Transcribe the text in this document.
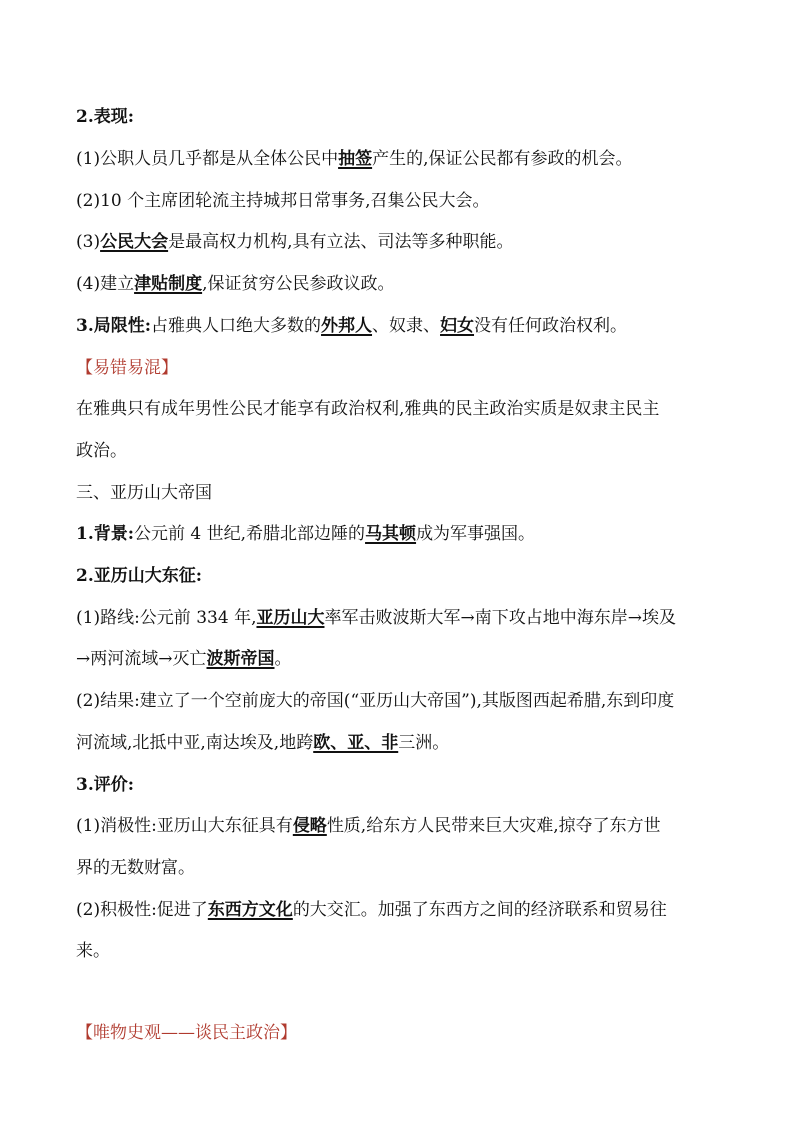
2.表现:
(1)公职人员几乎都是从全体公民中抽签产生的,保证公民都有参政的机会。
(2)10 个主席团轮流主持城邦日常事务,召集公民大会。
(3)公民大会是最高权力机构,具有立法、司法等多种职能。
(4)建立津贴制度,保证贫穷公民参政议政。
3.局限性:占雅典人口绝大多数的外邦人、奴隶、妇女没有任何政治权利。
【易错易混】
在雅典只有成年男性公民才能享有政治权利,雅典的民主政治实质是奴隶主民主
政治。
三、亚历山大帝国
1.背景:公元前 4 世纪,希腊北部边陲的马其顿成为军事强国。
2.亚历山大东征:
(1)路线:公元前 334 年,亚历山大率军击败波斯大军→南下攻占地中海东岸→埃及
→两河流域→灭亡波斯帝国。
(2)结果:建立了一个空前庞大的帝国(“亚历山大帝国”),其版图西起希腊,东到印度
河流域,北抵中亚,南达埃及,地跨欧、亚、非三洲。
3.评价:
(1)消极性:亚历山大东征具有侵略性质,给东方人民带来巨大灾难,掠夺了东方世
界的无数财富。
(2)积极性:促进了东西方文化的大交汇。加强了东西方之间的经济联系和贸易往
来。
【唯物史观——谈民主政治】
